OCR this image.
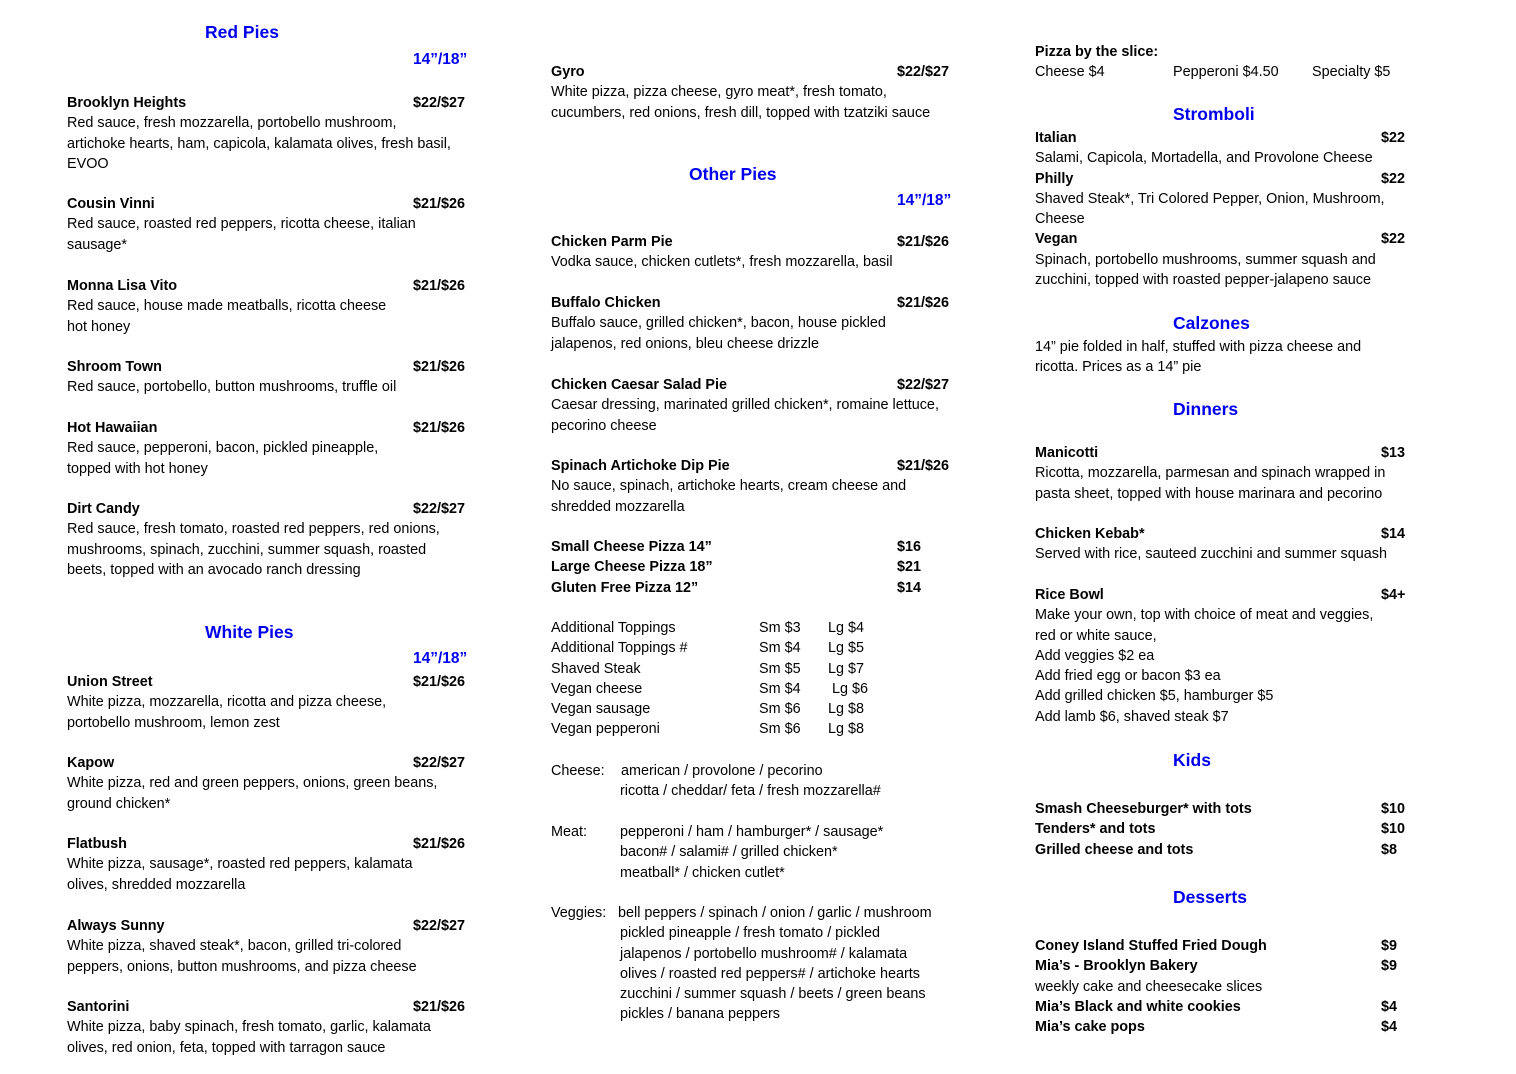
Red Pies
14”/18”
Brooklyn Heights	$22/$27
Red sauce, fresh mozzarella, portobello mushroom,
artichoke hearts, ham, capicola, kalamata olives, fresh basil,
EVOO
Cousin Vinni	$21/$26
Red sauce, roasted red peppers, ricotta cheese, italian
sausage*
Monna Lisa Vito	$21/$26
Red sauce, house made meatballs, ricotta cheese
hot honey
Shroom Town	$21/$26
Red sauce, portobello, button mushrooms, truffle oil
Hot Hawaiian	$21/$26
Red sauce, pepperoni, bacon, pickled pineapple,
topped with hot honey
Dirt Candy	$22/$27
Red sauce, fresh tomato, roasted red peppers, red onions,
mushrooms, spinach, zucchini, summer squash, roasted
beets, topped with an avocado ranch dressing
White Pies
14”/18”
Union Street	$21/$26
White pizza, mozzarella, ricotta and pizza cheese,
portobello mushroom, lemon zest
Kapow	$22/$27
White pizza, red and green peppers, onions, green beans,
ground chicken*
Flatbush	$21/$26
White pizza, sausage*, roasted red peppers, kalamata
olives, shredded mozzarella
Always Sunny	$22/$27
White pizza, shaved steak*, bacon, grilled tri-colored
peppers, onions, button mushrooms, and pizza cheese
Santorini	$21/$26
White pizza, baby spinach, fresh tomato, garlic, kalamata
olives, red onion, feta, topped with tarragon sauce
Gyro	$22/$27
White pizza, pizza cheese, gyro meat*, fresh tomato,
cucumbers, red onions, fresh dill, topped with tzatziki sauce
Other Pies
14”/18”
Chicken Parm Pie	$21/$26
Vodka sauce, chicken cutlets*, fresh mozzarella, basil
Buffalo Chicken	$21/$26
Buffalo sauce, grilled chicken*, bacon, house pickled
jalapenos, red onions, bleu cheese drizzle
Chicken Caesar Salad Pie	$22/$27
Caesar dressing, marinated grilled chicken*, romaine lettuce,
pecorino cheese
Spinach Artichoke Dip Pie	$21/$26
No sauce, spinach, artichoke hearts, cream cheese and
shredded mozzarella
Small Cheese Pizza 14”	$16
Large Cheese Pizza 18”	$21
Gluten Free Pizza 12”	$14
Additional Toppings	Sm $3 Lg $4
Additional Toppings #	Sm $4 Lg $5
Shaved Steak	Sm $5 Lg $7
Vegan cheese	Sm $4 Lg $6
Vegan sausage	Sm $6 Lg $8
Vegan pepperoni	Sm $6 Lg $8
Cheese: american / provolone / pecorino
ricotta / cheddar/ feta / fresh mozzarella#
Meat: pepperoni / ham / hamburger* / sausage*
bacon# / salami# / grilled chicken*
meatball* / chicken cutlet*
Veggies: bell peppers / spinach / onion / garlic / mushroom
pickled pineapple / fresh tomato / pickled
jalapenos / portobello mushroom# / kalamata
olives / roasted red peppers# / artichoke hearts
zucchini / summer squash / beets / green beans
pickles / banana peppers
Pizza by the slice:
Cheese $4	Pepperoni $4.50 Specialty $5
Stromboli
Italian	$22
Salami, Capicola, Mortadella, and Provolone Cheese
Philly	$22
Shaved Steak*, Tri Colored Pepper, Onion, Mushroom,
Cheese
Vegan	$22
Spinach, portobello mushrooms, summer squash and
zucchini, topped with roasted pepper-jalapeno sauce
Calzones
14” pie folded in half, stuffed with pizza cheese and
ricotta. Prices as a 14” pie
Dinners
Manicotti	$13
Ricotta, mozzarella, parmesan and spinach wrapped in
pasta sheet, topped with house marinara and pecorino
Chicken Kebab*	$14
Served with rice, sauteed zucchini and summer squash
Rice Bowl	$4+
Make your own, top with choice of meat and veggies,
red or white sauce,
Add veggies $2 ea
Add fried egg or bacon $3 ea
Add grilled chicken $5, hamburger $5
Add lamb $6, shaved steak $7
Kids
Smash Cheeseburger* with tots	$10
Tenders* and tots	$10
Grilled cheese and tots	$8
Desserts
Coney Island Stuffed Fried Dough	$9
Mia’s - Brooklyn Bakery	$9
weekly cake and cheesecake slices
Mia’s Black and white cookies	$4
Mia’s cake pops	$4
